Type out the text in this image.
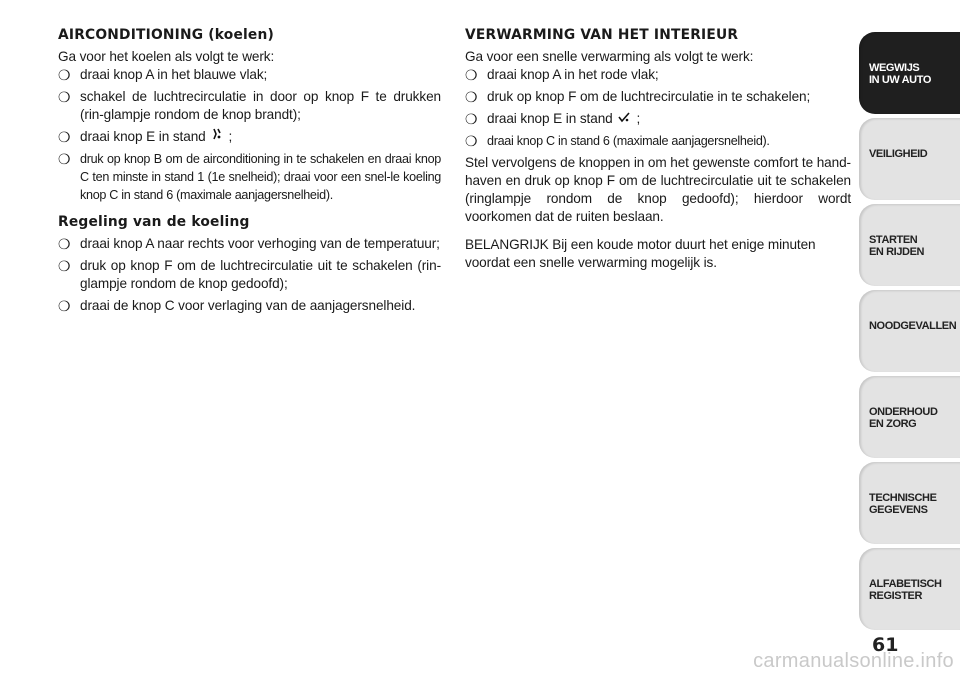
AIRCONDITIONING (koelen)

Ga voor het koelen als volgt te werk:

❍ draai knop A in het blauwe vlak;
❍ schakel de luchtrecirculatie in door op knop F te drukken (rin-glampje rondom de knop brandt);
❍ draai knop E in stand ;
❍ druk op knop B om de airconditioning in te schakelen en draai knop C ten minste in stand 1 (1e snelheid); draai voor een snel-le koeling knop C in stand 6 (maximale aanjagersnelheid).
Regeling van de koeling
❍ draai knop A naar rechts voor verhoging van de temperatuur;
❍ druk op knop F om de luchtrecirculatie uit te schakelen (rin-glampje rondom de knop gedoofd);
❍ draai de knop C voor verlaging van de aanjagersnelheid.
VERWARMING VAN HET INTERIEUR

Ga voor een snelle verwarming als volgt te werk:

❍ draai knop A in het rode vlak;
❍ druk op knop F om de luchtrecirculatie in te schakelen;
❍ draai knop E in stand ;
❍ draai knop C in stand 6 (maximale aanjagersnelheid).

Stel vervolgens de knoppen in om het gewenste comfort te hand-haven en druk op knop F om de luchtrecirculatie uit te schakelen (ringlampje rondom de knop gedoofd); hierdoor wordt voorkomen dat de ruiten beslaan.

BELANGRIJK Bij een koude motor duurt het enige minuten voordat een snelle verwarming mogelijk is.

WEGWIJS
IN UW AUTO
VEILIGHEID
STARTEN
EN RIJDEN
NOODGEVALLEN
ONDERHOUD
EN ZORG
TECHNISCHE
GEGEVENS
ALFABETISCH
REGISTER
61
carmanualsonline.info
